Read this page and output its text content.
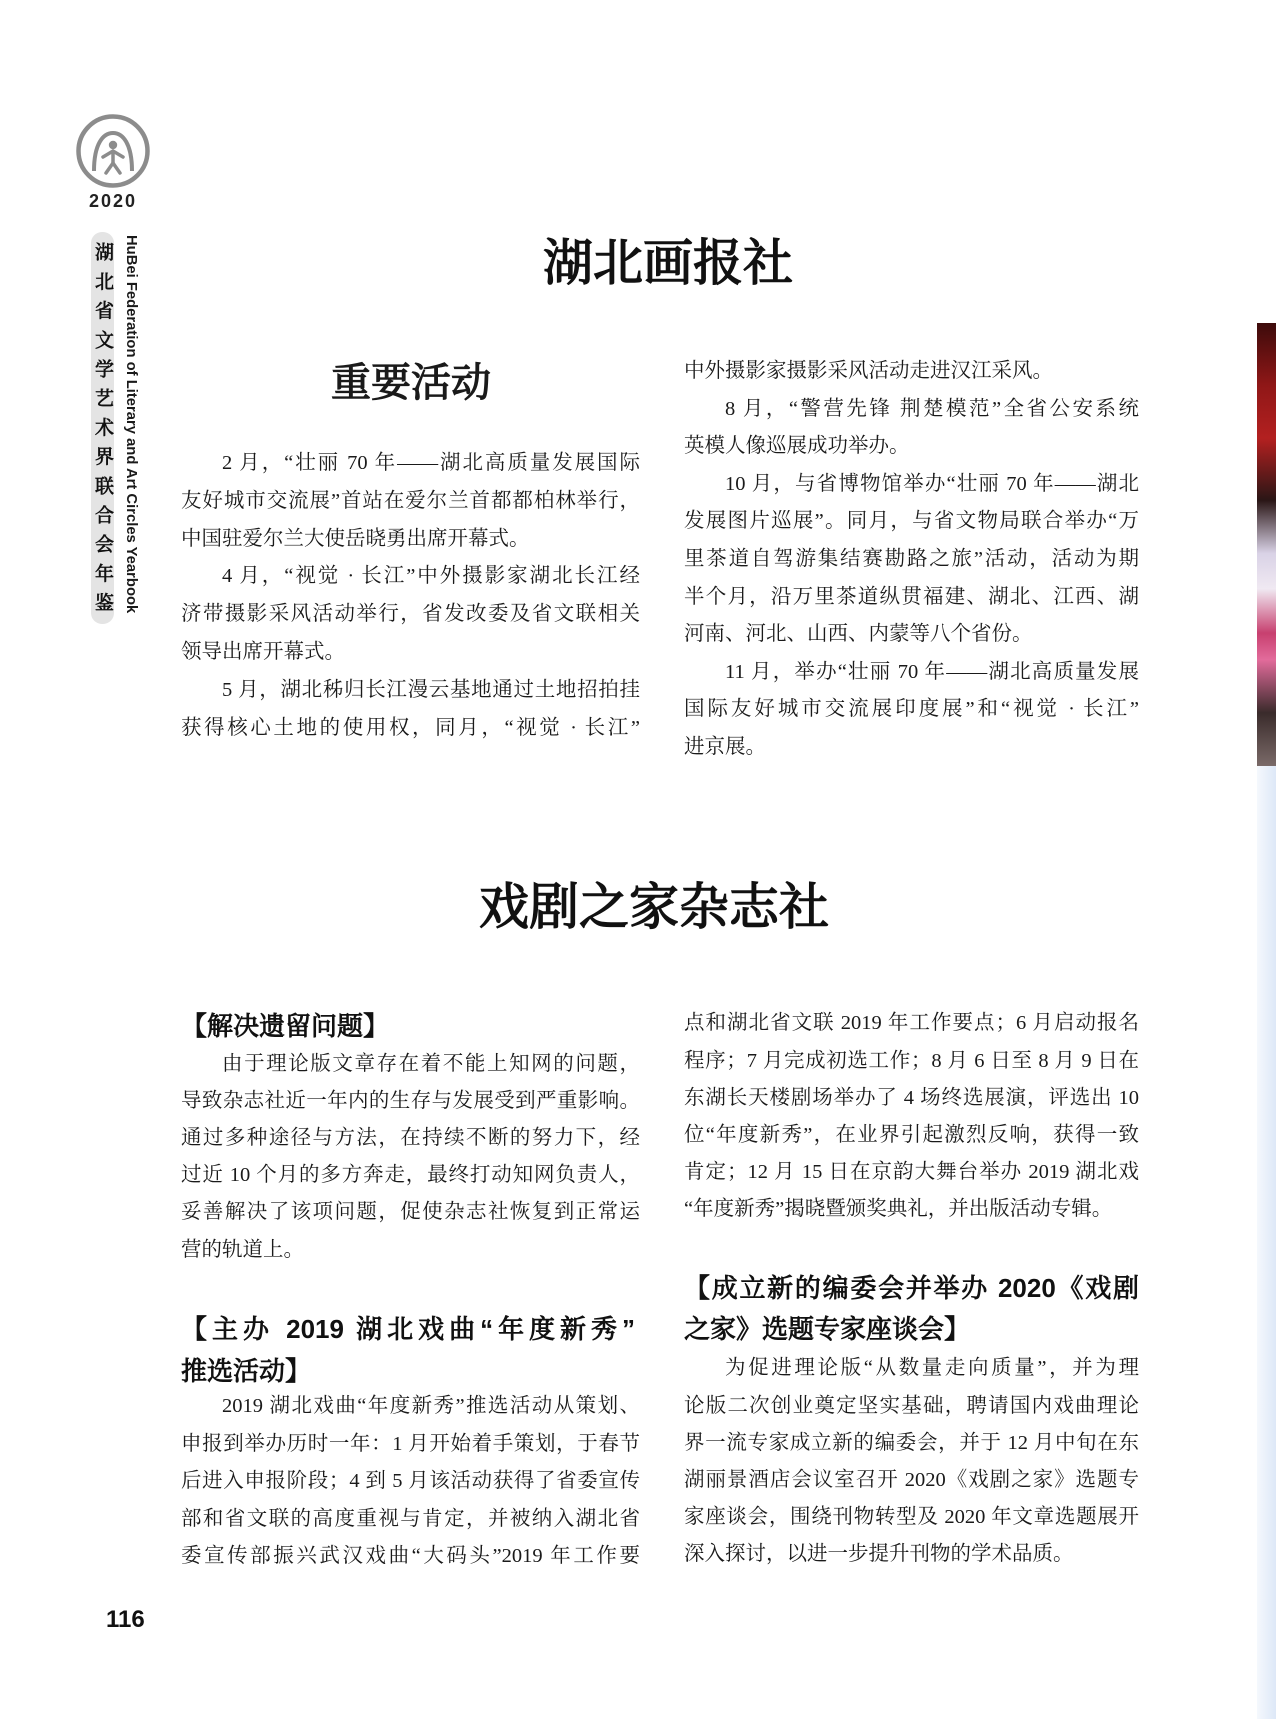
2020
湖北省文学艺术界联合会年鉴 HuBei Federation of Literary and Art Circles Yearbook	湖北画报社
重要活动
2 月，“壮丽 70 年——湖北高质量发展国际
友好城市交流展”首站在爱尔兰首都都柏林举行，
中国驻爱尔兰大使岳晓勇出席开幕式。
4 月，“视觉 · 长江”中外摄影家湖北长江经
济带摄影采风活动举行，省发改委及省文联相关
领导出席开幕式。
5 月，湖北秭归长江漫云基地通过土地招拍挂
获得核心土地的使用权，同月，“视觉 · 长江”
中外摄影家摄影采风活动走进汉江采风。
8 月，“警营先锋 荆楚模范”全省公安系统
英模人像巡展成功举办。
10 月，与省博物馆举办“壮丽 70 年——湖北
发展图片巡展”。同月，与省文物局联合举办“万
里茶道自驾游集结赛勘路之旅”活动，活动为期
半个月，沿万里茶道纵贯福建、湖北、江西、湖
河南、河北、山西、内蒙等八个省份。
11 月，举办“壮丽 70 年——湖北高质量发展
国际友好城市交流展印度展”和“视觉 · 长江”
进京展。
戏剧之家杂志社
【解决遗留问题】
由于理论版文章存在着不能上知网的问题，
导致杂志社近一年内的生存与发展受到严重影响。
通过多种途径与方法，在持续不断的努力下，经
过近 10 个月的多方奔走，最终打动知网负责人，
妥善解决了该项问题，促使杂志社恢复到正常运
营的轨道上。
【主办 2019 湖北戏曲“年度新秀”
推选活动】
2019 湖北戏曲“年度新秀”推选活动从策划、
申报到举办历时一年：1 月开始着手策划，于春节
后进入申报阶段；4 到 5 月该活动获得了省委宣传
部和省文联的高度重视与肯定，并被纳入湖北省
委宣传部振兴武汉戏曲“大码头”2019 年工作要
点和湖北省文联 2019 年工作要点；6 月启动报名
程序；7 月完成初选工作；8 月 6 日至 8 月 9 日在
东湖长天楼剧场举办了 4 场终选展演，评选出 10
位“年度新秀”，在业界引起激烈反响，获得一致
肯定；12 月 15 日在京韵大舞台举办 2019 湖北戏
“年度新秀”揭晓暨颁奖典礼，并出版活动专辑。
【成立新的编委会并举办 2020《戏剧
之家》选题专家座谈会】
为促进理论版“从数量走向质量”，并为理
论版二次创业奠定坚实基础，聘请国内戏曲理论
界一流专家成立新的编委会，并于 12 月中旬在东
湖丽景酒店会议室召开 2020《戏剧之家》选题专
家座谈会，围绕刊物转型及 2020 年文章选题展开
深入探讨，以进一步提升刊物的学术品质。
116
